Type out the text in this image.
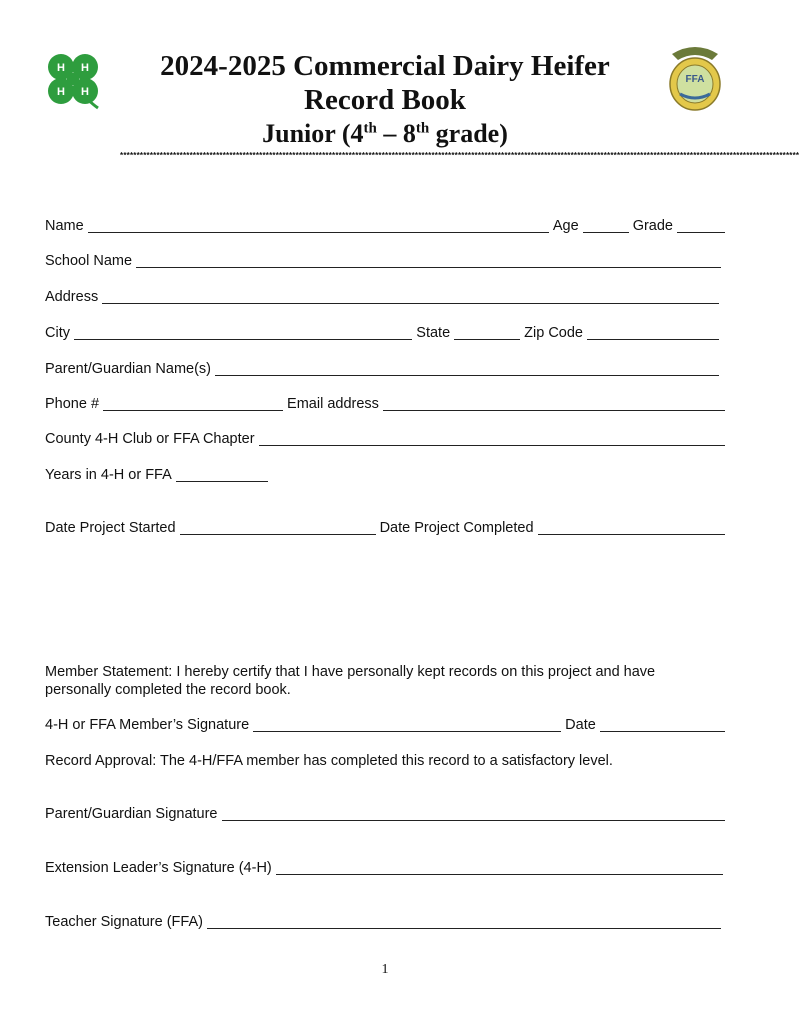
H H
H H
FFA
2024-2025 Commercial Dairy Heifer
Record Book
Junior (4th – 8th grade)
*************************************************************************************************************************************************************************************************************
Name	Age	Grade
School Name
Address
City	State	Zip Code
Parent/Guardian Name(s)
Phone #	Email address
County 4-H Club or FFA Chapter
Years in 4-H or FFA
Date Project Started	Date Project Completed
Member Statement: I hereby certify that I have personally kept records on this project and have personally completed the record book.
4-H or FFA Member’s Signature	Date
Record Approval: The 4-H/FFA member has completed this record to a satisfactory level.
Parent/Guardian Signature
Extension Leader’s Signature (4-H)
Teacher Signature (FFA)
1
